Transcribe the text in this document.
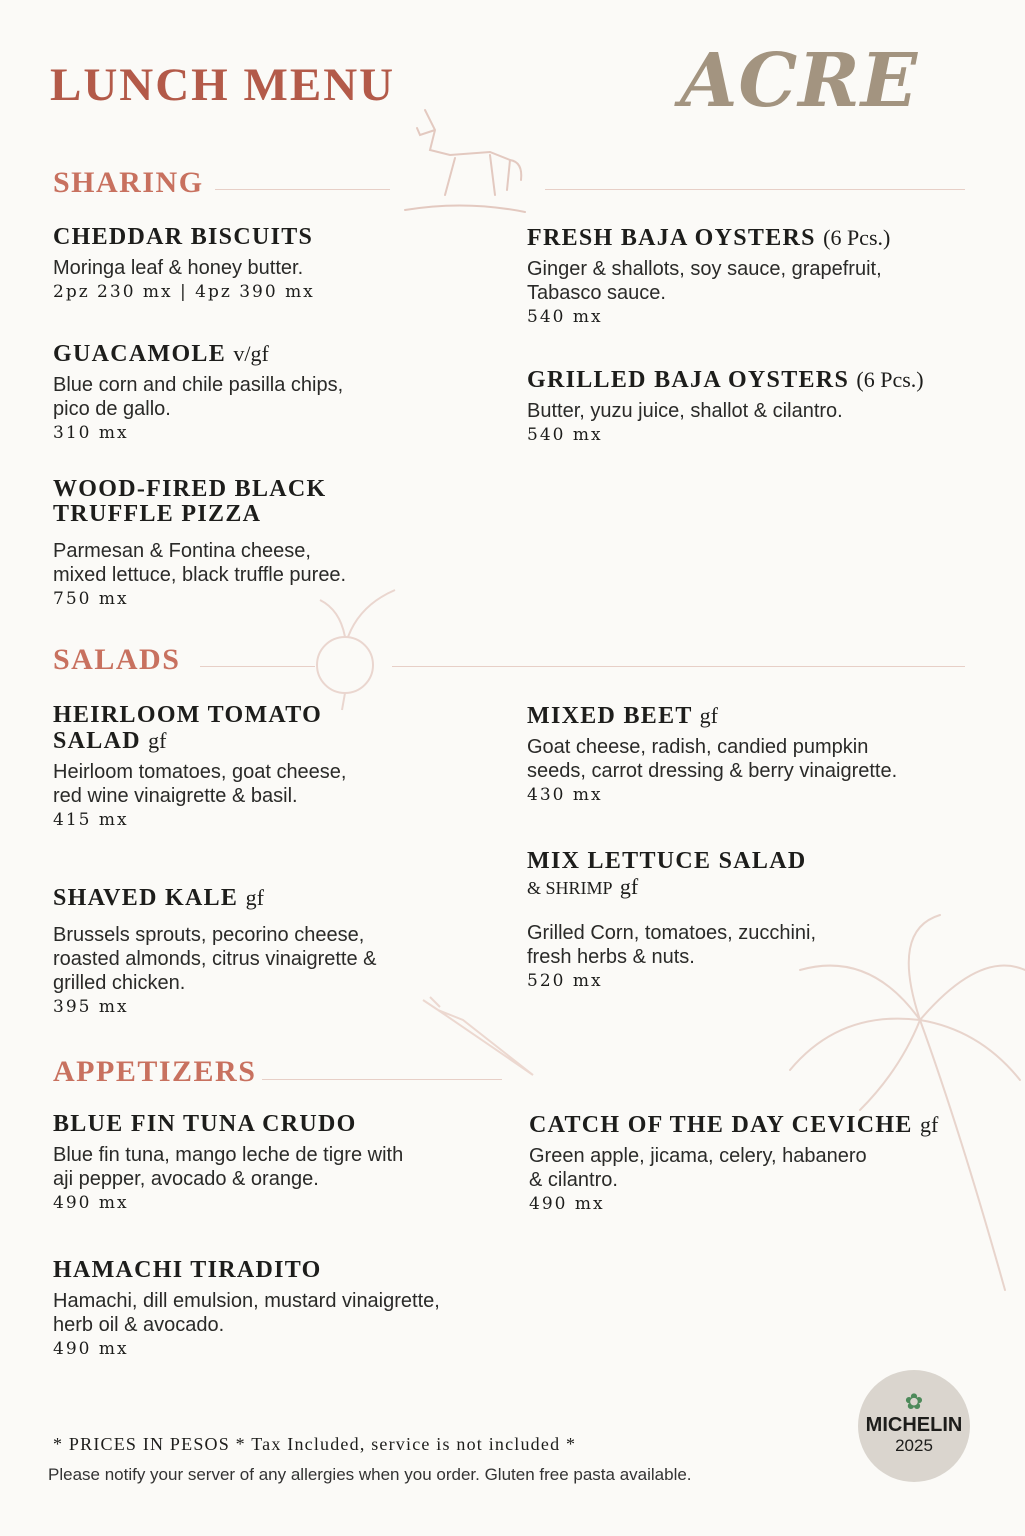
LUNCH MENU	ACRE
SHARING
CHEDDAR BISCUITS

Moringa leaf & honey butter.

2pz 230 mx | 4pz 390 mx

GUACAMOLE v/gf

Blue corn and chile pasilla chips,
pico de gallo.

310 mx

WOOD-FIRED BLACK
TRUFFLE PIZZA

Parmesan & Fontina cheese,
mixed lettuce, black truffle puree.

750 mx

FRESH BAJA OYSTERS (6 Pcs.)

Ginger & shallots, soy sauce, grapefruit,
Tabasco sauce.

540 mx

GRILLED BAJA OYSTERS (6 Pcs.)

Butter, yuzu juice, shallot & cilantro.

540 mx

SALADS
HEIRLOOM TOMATO
SALAD gf

Heirloom tomatoes, goat cheese,
red wine vinaigrette & basil.

415 mx

SHAVED KALE gf

Brussels sprouts, pecorino cheese,
roasted almonds, citrus vinaigrette &
grilled chicken.

395 mx

MIXED BEET gf

Goat cheese, radish, candied pumpkin
seeds, carrot dressing & berry vinaigrette.

430 mx

MIX LETTUCE SALAD
& SHRIMP gf

Grilled Corn, tomatoes, zucchini,
fresh herbs & nuts.

520 mx

APPETIZERS
BLUE FIN TUNA CRUDO

Blue fin tuna, mango leche de tigre with
aji pepper, avocado & orange.

490 mx

HAMACHI TIRADITO

Hamachi, dill emulsion, mustard vinaigrette,
herb oil & avocado.

490 mx

CATCH OF THE DAY CEVICHE gf

Green apple, jicama, celery, habanero
& cilantro.

490 mx

* PRICES IN PESOS * Tax Included, service is not included *
Please notify your server of any allergies when you order. Gluten free pasta available.
✿
MICHELIN
2025
